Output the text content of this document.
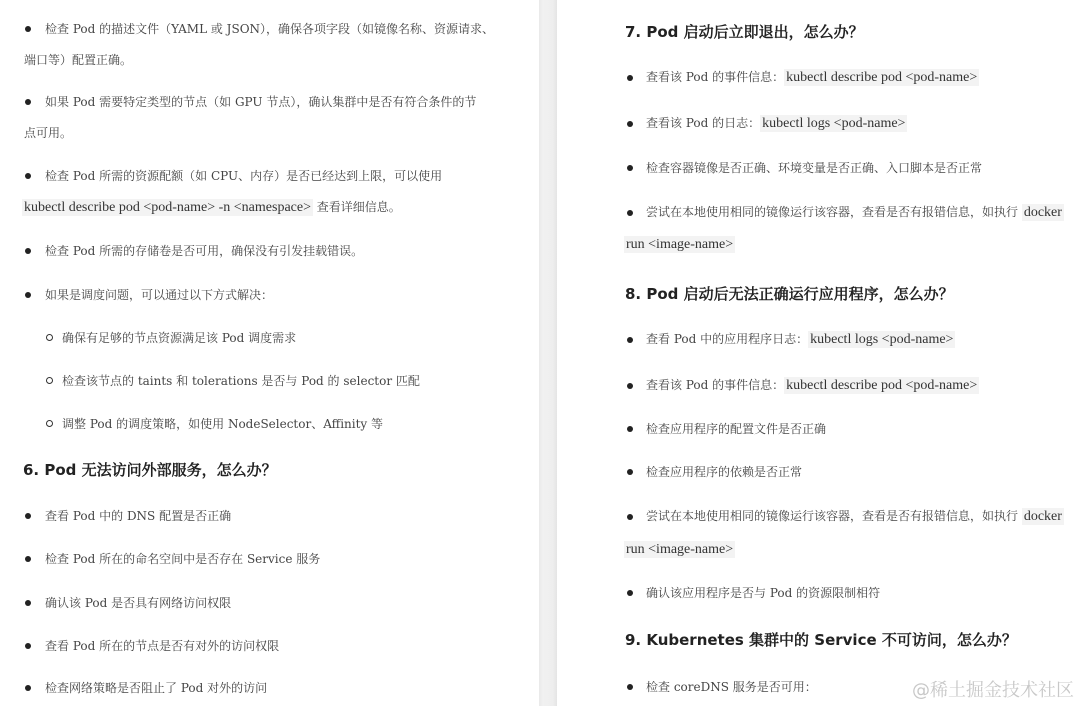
检查 Pod 的描述文件（YAML 或 JSON），确保各项字段（如镜像名称、资源请求、
端口等）配置正确。
如果 Pod 需要特定类型的节点（如 GPU 节点），确认集群中是否有符合条件的节
点可用。
检查 Pod 所需的资源配额（如 CPU、内存）是否已经达到上限，可以使用
kubectl describe pod <pod-name> -n <namespace> 查看详细信息。
检查 Pod 所需的存储卷是否可用，确保没有引发挂载错误。
如果是调度问题，可以通过以下方式解决：
确保有足够的节点资源满足该 Pod 调度需求
检查该节点的 taints 和 tolerations 是否与 Pod 的 selector 匹配
调整 Pod 的调度策略，如使用 NodeSelector、Affinity 等
6. Pod 无法访问外部服务，怎么办？
查看 Pod 中的 DNS 配置是否正确
检查 Pod 所在的命名空间中是否存在 Service 服务
确认该 Pod 是否具有网络访问权限
查看 Pod 所在的节点是否有对外的访问权限
检查网络策略是否阻止了 Pod 对外的访问
7. Pod 启动后立即退出，怎么办？
查看该 Pod 的事件信息： kubectl describe pod <pod-name>
查看该 Pod 的日志： kubectl logs <pod-name>
检查容器镜像是否正确、环境变量是否正确、入口脚本是否正常
尝试在本地使用相同的镜像运行该容器，查看是否有报错信息，如执行 docker
run <image-name>
8. Pod 启动后无法正确运行应用程序，怎么办？
查看 Pod 中的应用程序日志： kubectl logs <pod-name>
查看该 Pod 的事件信息： kubectl describe pod <pod-name>
检查应用程序的配置文件是否正确
检查应用程序的依赖是否正常
尝试在本地使用相同的镜像运行该容器，查看是否有报错信息，如执行 docker
run <image-name>
确认该应用程序是否与 Pod 的资源限制相符
9. Kubernetes 集群中的 Service 不可访问，怎么办？
检查 coreDNS 服务是否可用：	@稀土掘金技术社区
